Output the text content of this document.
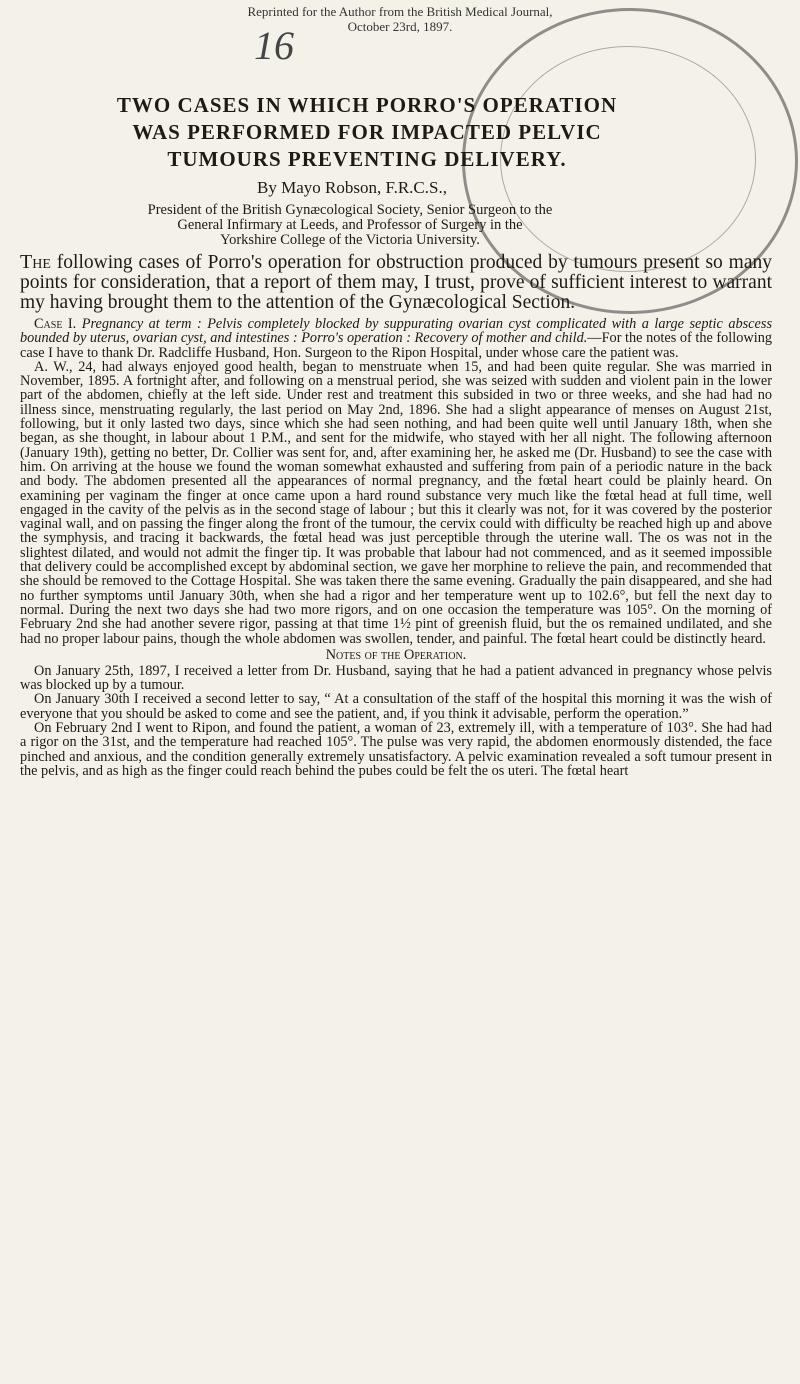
16
Reprinted for the Author from the British Medical Journal,
October 23rd, 1897.
TWO CASES IN WHICH PORRO'S OPERATION
WAS PERFORMED FOR IMPACTED PELVIC
TUMOURS PREVENTING DELIVERY.
By Mayo Robson, F.R.C.S.,
President of the British Gynæcological Society, Senior Surgeon to the
General Infirmary at Leeds, and Professor of Surgery in the
Yorkshire College of the Victoria University.

The following cases of Porro's operation for obstruction produced by tumours present so many points for consideration, that a report of them may, I trust, prove of sufficient interest to warrant my having brought them to the attention of the Gynæcological Section.

Case I. Pregnancy at term : Pelvis completely blocked by suppurating ovarian cyst complicated with a large septic abscess bounded by uterus, ovarian cyst, and intestines : Porro's operation : Recovery of mother and child.—For the notes of the following case I have to thank Dr. Radcliffe Husband, Hon. Surgeon to the Ripon Hospital, under whose care the patient was.

A. W., 24, had always enjoyed good health, began to menstruate when 15, and had been quite regular. She was married in November, 1895. A fortnight after, and following on a menstrual period, she was seized with sudden and violent pain in the lower part of the abdomen, chiefly at the left side. Under rest and treatment this subsided in two or three weeks, and she had had no illness since, menstruating regularly, the last period on May 2nd, 1896. She had a slight appearance of menses on August 21st, following, but it only lasted two days, since which she had seen nothing, and had been quite well until January 18th, when she began, as she thought, in labour about 1 P.M., and sent for the midwife, who stayed with her all night. The following afternoon (January 19th), getting no better, Dr. Collier was sent for, and, after examining her, he asked me (Dr. Husband) to see the case with him. On arriving at the house we found the woman somewhat exhausted and suffering from pain of a periodic nature in the back and body. The abdomen presented all the appearances of normal pregnancy, and the fœtal heart could be plainly heard. On examining per vaginam the finger at once came upon a hard round substance very much like the fœtal head at full time, well engaged in the cavity of the pelvis as in the second stage of labour ; but this it clearly was not, for it was covered by the posterior vaginal wall, and on passing the finger along the front of the tumour, the cervix could with difficulty be reached high up and above the symphysis, and tracing it backwards, the fœtal head was just perceptible through the uterine wall. The os was not in the slightest dilated, and would not admit the finger tip. It was probable that labour had not commenced, and as it seemed impossible that delivery could be accomplished except by abdominal section, we gave her morphine to relieve the pain, and recommended that she should be removed to the Cottage Hospital. She was taken there the same evening. Gradually the pain disappeared, and she had no further symptoms until January 30th, when she had a rigor and her temperature went up to 102.6°, but fell the next day to normal. During the next two days she had two more rigors, and on one occasion the temperature was 105°. On the morning of February 2nd she had another severe rigor, passing at that time 1½ pint of greenish fluid, but the os remained undilated, and she had no proper labour pains, though the whole abdomen was swollen, tender, and painful. The fœtal heart could be distinctly heard.

Notes of the Operation.

On January 25th, 1897, I received a letter from Dr. Husband, saying that he had a patient advanced in pregnancy whose pelvis was blocked up by a tumour.

On January 30th I received a second letter to say, “ At a consultation of the staff of the hospital this morning it was the wish of everyone that you should be asked to come and see the patient, and, if you think it advisable, perform the operation.”

On February 2nd I went to Ripon, and found the patient, a woman of 23, extremely ill, with a temperature of 103°. She had had a rigor on the 31st, and the temperature had reached 105°. The pulse was very rapid, the abdomen enormously distended, the face pinched and anxious, and the condition generally extremely unsatisfactory. A pelvic examination revealed a soft tumour present in the pelvis, and as high as the finger could reach behind the pubes could be felt the os uteri. The fœtal heart
